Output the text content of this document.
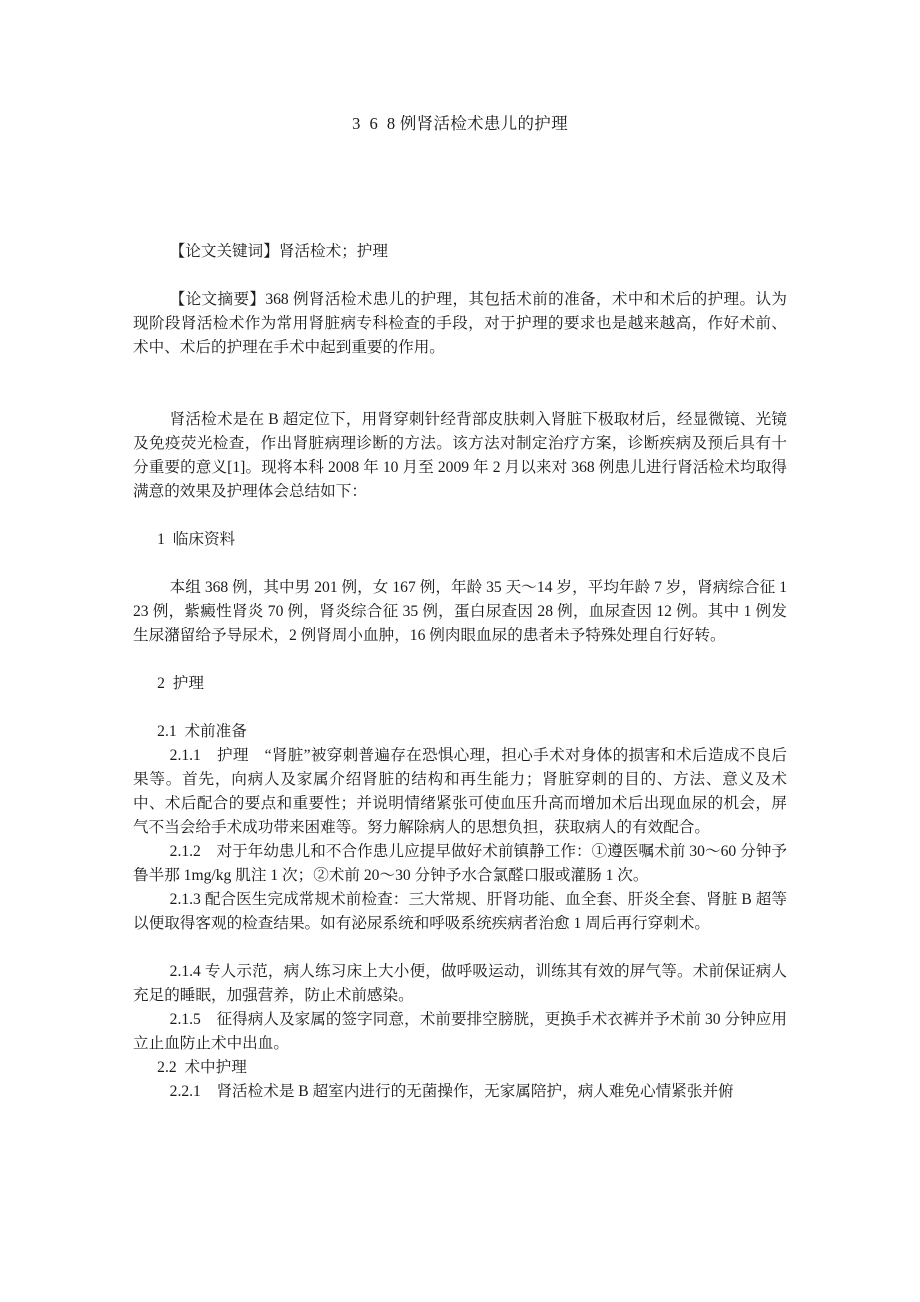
3  6  8 例肾活检术患儿的护理

【论文关键词】肾活检术；护理

【论文摘要】368 例肾活检术患儿的护理，其包括术前的准备，术中和术后的护理。认为现阶段肾活检术作为常用肾脏病专科检查的手段，对于护理的要求也是越来越高，作好术前、术中、术后的护理在手术中起到重要的作用。

肾活检术是在 B 超定位下，用肾穿刺针经背部皮肤刺入肾脏下极取材后，经显微镜、光镜及免疫荧光检查，作出肾脏病理诊断的方法。该方法对制定治疗方案，诊断疾病及预后具有十分重要的意义[1]。现将本科 2008 年 10 月至 2009 年 2 月以来对 368 例患儿进行肾活检术均取得满意的效果及护理体会总结如下：

1  临床资料

本组 368 例，其中男 201 例，女 167 例，年龄 35 天～14 岁，平均年龄 7 岁，肾病综合征 123 例，紫癜性肾炎 70 例，肾炎综合征 35 例，蛋白尿查因 28 例，血尿查因 12 例。其中 1 例发生尿潴留给予导尿术，2 例肾周小血肿，16 例肉眼血尿的患者未予特殊处理自行好转。

2  护理
2.1  术前准备

2.1.1　护理　“肾脏”被穿刺普遍存在恐惧心理，担心手术对身体的损害和术后造成不良后果等。首先，向病人及家属介绍肾脏的结构和再生能力；肾脏穿刺的目的、方法、意义及术中、术后配合的要点和重要性；并说明情绪紧张可使血压升高而增加术后出现血尿的机会，屏气不当会给手术成功带来困难等。努力解除病人的思想负担，获取病人的有效配合。

2.1.2　对于年幼患儿和不合作患儿应提早做好术前镇静工作：①遵医嘱术前 30～60 分钟予鲁半那 1mg/kg 肌注 1 次；②术前 20～30 分钟予水合氯醛口服或灌肠 1 次。

2.1.3 配合医生完成常规术前检查：三大常规、肝肾功能、血全套、肝炎全套、肾脏 B 超等以便取得客观的检查结果。如有泌尿系统和呼吸系统疾病者治愈 1 周后再行穿刺术。

2.1.4 专人示范，病人练习床上大小便，做呼吸运动，训练其有效的屏气等。术前保证病人充足的睡眠，加强营养，防止术前感染。

2.1.5　征得病人及家属的签字同意，术前要排空膀胱，更换手术衣裤并予术前 30 分钟应用立止血防止术中出血。

2.2  术中护理

2.2.1　肾活检术是 B 超室内进行的无菌操作，无家属陪护，病人难免心情紧张并俯
